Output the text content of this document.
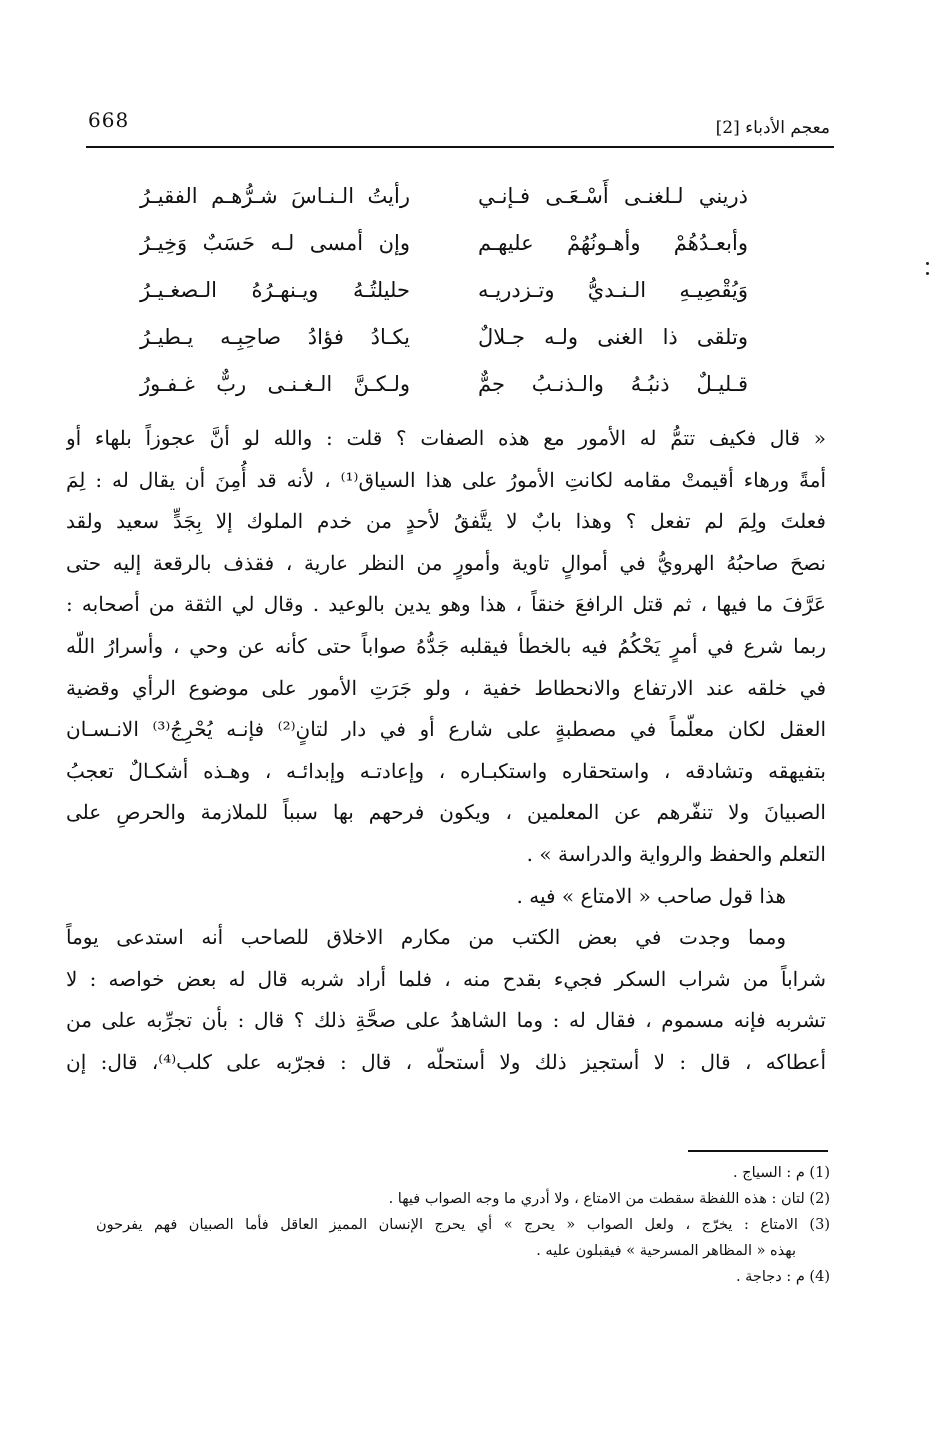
668	معجم الأدباء [2]
ذريني لـلغنـى أَسْـعَـى فـإنـي
رأيتُ الـنـاسَ شـرُّهـم الفقيـرُ
وأبعـدُهُمْ وأهـونُهُمْ عليهـم
وإن أمسى لـه حَسَبٌ وَخِيـرُ
وَيُقْصِيـهِ الـنـديُّ وتـزدريـه
حليلتُـهُ ويـنهـرُهُ الـصغـيـرُ
وتلقى ذا الغنى ولـه جـلالٌ
يكـادُ فؤادُ صاحِبِـه يـطيـرُ
قـليـلٌ ذنبُـهُ والـذنـبُ جمٌّ
ولـكـنَّ الـغـنـى ربٌّ غـفـورُ
« قال فكيف تتمُّ له الأمور مع هذه الصفات ؟ قلت : والله لو أنَّ عجوزاً بلهاء أو
أمةً ورهاء أقيمتْ مقامه لكانتِ الأمورُ على هذا السياق⁽¹⁾ ، لأنه قد أُمِنَ أن يقال له : لِمَ
فعلتَ ولِمَ لم تفعل ؟ وهذا بابٌ لا يتَّفقُ لأحدٍ من خدم الملوك إلا بِجَدٍّ سعيد ولقد
نصحَ صاحبُهُ الهرويُّ في أموالٍ تاوية وأمورٍ من النظر عارية ، فقذف بالرقعة إليه حتى
عَرَّفَ ما فيها ، ثم قتل الرافعَ خنقاً ، هذا وهو يدين بالوعيد . وقال لي الثقة من أصحابه :
ربما شرع في أمرٍ يَحْكُمُ فيه بالخطأ فيقلبه جَدُّهُ صواباً حتى كأنه عن وحي ، وأسرارُ اللّه
في خلقه عند الارتفاع والانحطاط خفية ، ولو جَرَتِ الأمور على موضوع الرأي وقضية
العقل لكان معلّماً في مصطبةٍ على شارع أو في دار لتانٍ⁽²⁾ فإنـه يُحْرِجُ⁽³⁾ الانـسـان
بتفيهقه وتشادقه ، واستحقاره واستكبـاره ، وإعادتـه وإبدائـه ، وهـذه أشكـالٌ تعجبُ
الصبيانَ ولا تنفّرهم عن المعلمين ، ويكون فرحهم بها سبباً للملازمة والحرصِ على
التعلم والحفظ والرواية والدراسة » .
هذا قول صاحب « الامتاع » فيه .
ومما وجدت في بعض الكتب من مكارم الاخلاق للصاحب أنه استدعى يوماً
شراباً من شراب السكر فجيء بقدح منه ، فلما أراد شربه قال له بعض خواصه : لا
تشربه فإنه مسموم ، فقال له : وما الشاهدُ على صحَّةِ ذلك ؟ قال : بأن تجرِّبه على من
أعطاكه ، قال : لا أستجيز ذلك ولا أستحلّه ، قال : فجرّبه على كلب⁽⁴⁾، قال: إن
(1) م : السياج .
(2) لتان : هذه اللفظة سقطت من الامتاع ، ولا أدري ما وجه الصواب فيها .
(3) الامتاع : يخرّج ، ولعل الصواب « يحرج » أي يحرج الإنسان المميز العاقل فأما الصبيان فهم يفرحون
بهذه « المظاهر المسرحية » فيقبلون عليه .
(4) م : دجاجة .
